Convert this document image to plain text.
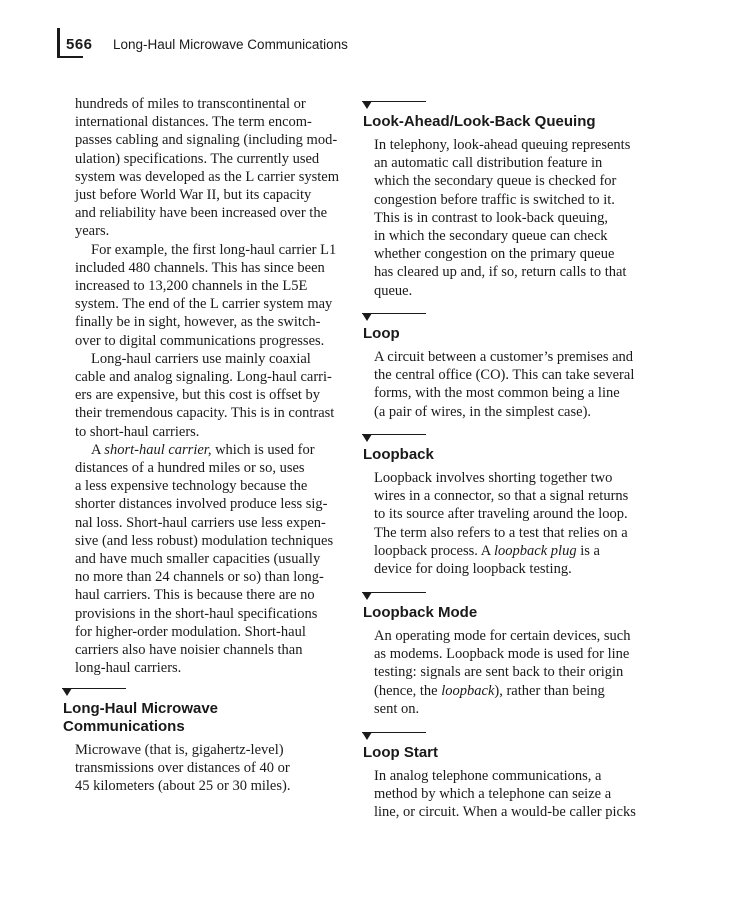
566 Long-Haul Microwave Communications

hundreds of miles to transcontinental or
international distances. The term encom-
passes cabling and signaling (including mod-
ulation) specifications. The currently used
system was developed as the L carrier system
just before World War II, but its capacity
and reliability have been increased over the
years.

For example, the first long-haul carrier L1
included 480 channels. This has since been
increased to 13,200 channels in the L5E
system. The end of the L carrier system may
finally be in sight, however, as the switch-
over to digital communications progresses.

Long-haul carriers use mainly coaxial
cable and analog signaling. Long-haul carri-
ers are expensive, but this cost is offset by
their tremendous capacity. This is in contrast
to short-haul carriers.

A short-haul carrier, which is used for
distances of a hundred miles or so, uses
a less expensive technology because the
shorter distances involved produce less sig-
nal loss. Short-haul carriers use less expen-
sive (and less robust) modulation techniques
and have much smaller capacities (usually
no more than 24 channels or so) than long-
haul carriers. This is because there are no
provisions in the short-haul specifications
for higher-order modulation. Short-haul
carriers also have noisier channels than
long-haul carriers.

Long-Haul Microwave
Communications
Microwave (that is, gigahertz-level)
transmissions over distances of 40 or
45 kilometers (about 25 or 30 miles).
Look-Ahead/Look-Back Queuing
In telephony, look-ahead queuing represents
an automatic call distribution feature in
which the secondary queue is checked for
congestion before traffic is switched to it.
This is in contrast to look-back queuing,
in which the secondary queue can check
whether congestion on the primary queue
has cleared up and, if so, return calls to that
queue.
Loop
A circuit between a customer’s premises and
the central office (CO). This can take several
forms, with the most common being a line
(a pair of wires, in the simplest case).
Loopback
Loopback involves shorting together two
wires in a connector, so that a signal returns
to its source after traveling around the loop.
The term also refers to a test that relies on a
loopback process. A loopback plug is a
device for doing loopback testing.
Loopback Mode
An operating mode for certain devices, such
as modems. Loopback mode is used for line
testing: signals are sent back to their origin
(hence, the loopback), rather than being
sent on.
Loop Start
In analog telephone communications, a
method by which a telephone can seize a
line, or circuit. When a would-be caller picks
